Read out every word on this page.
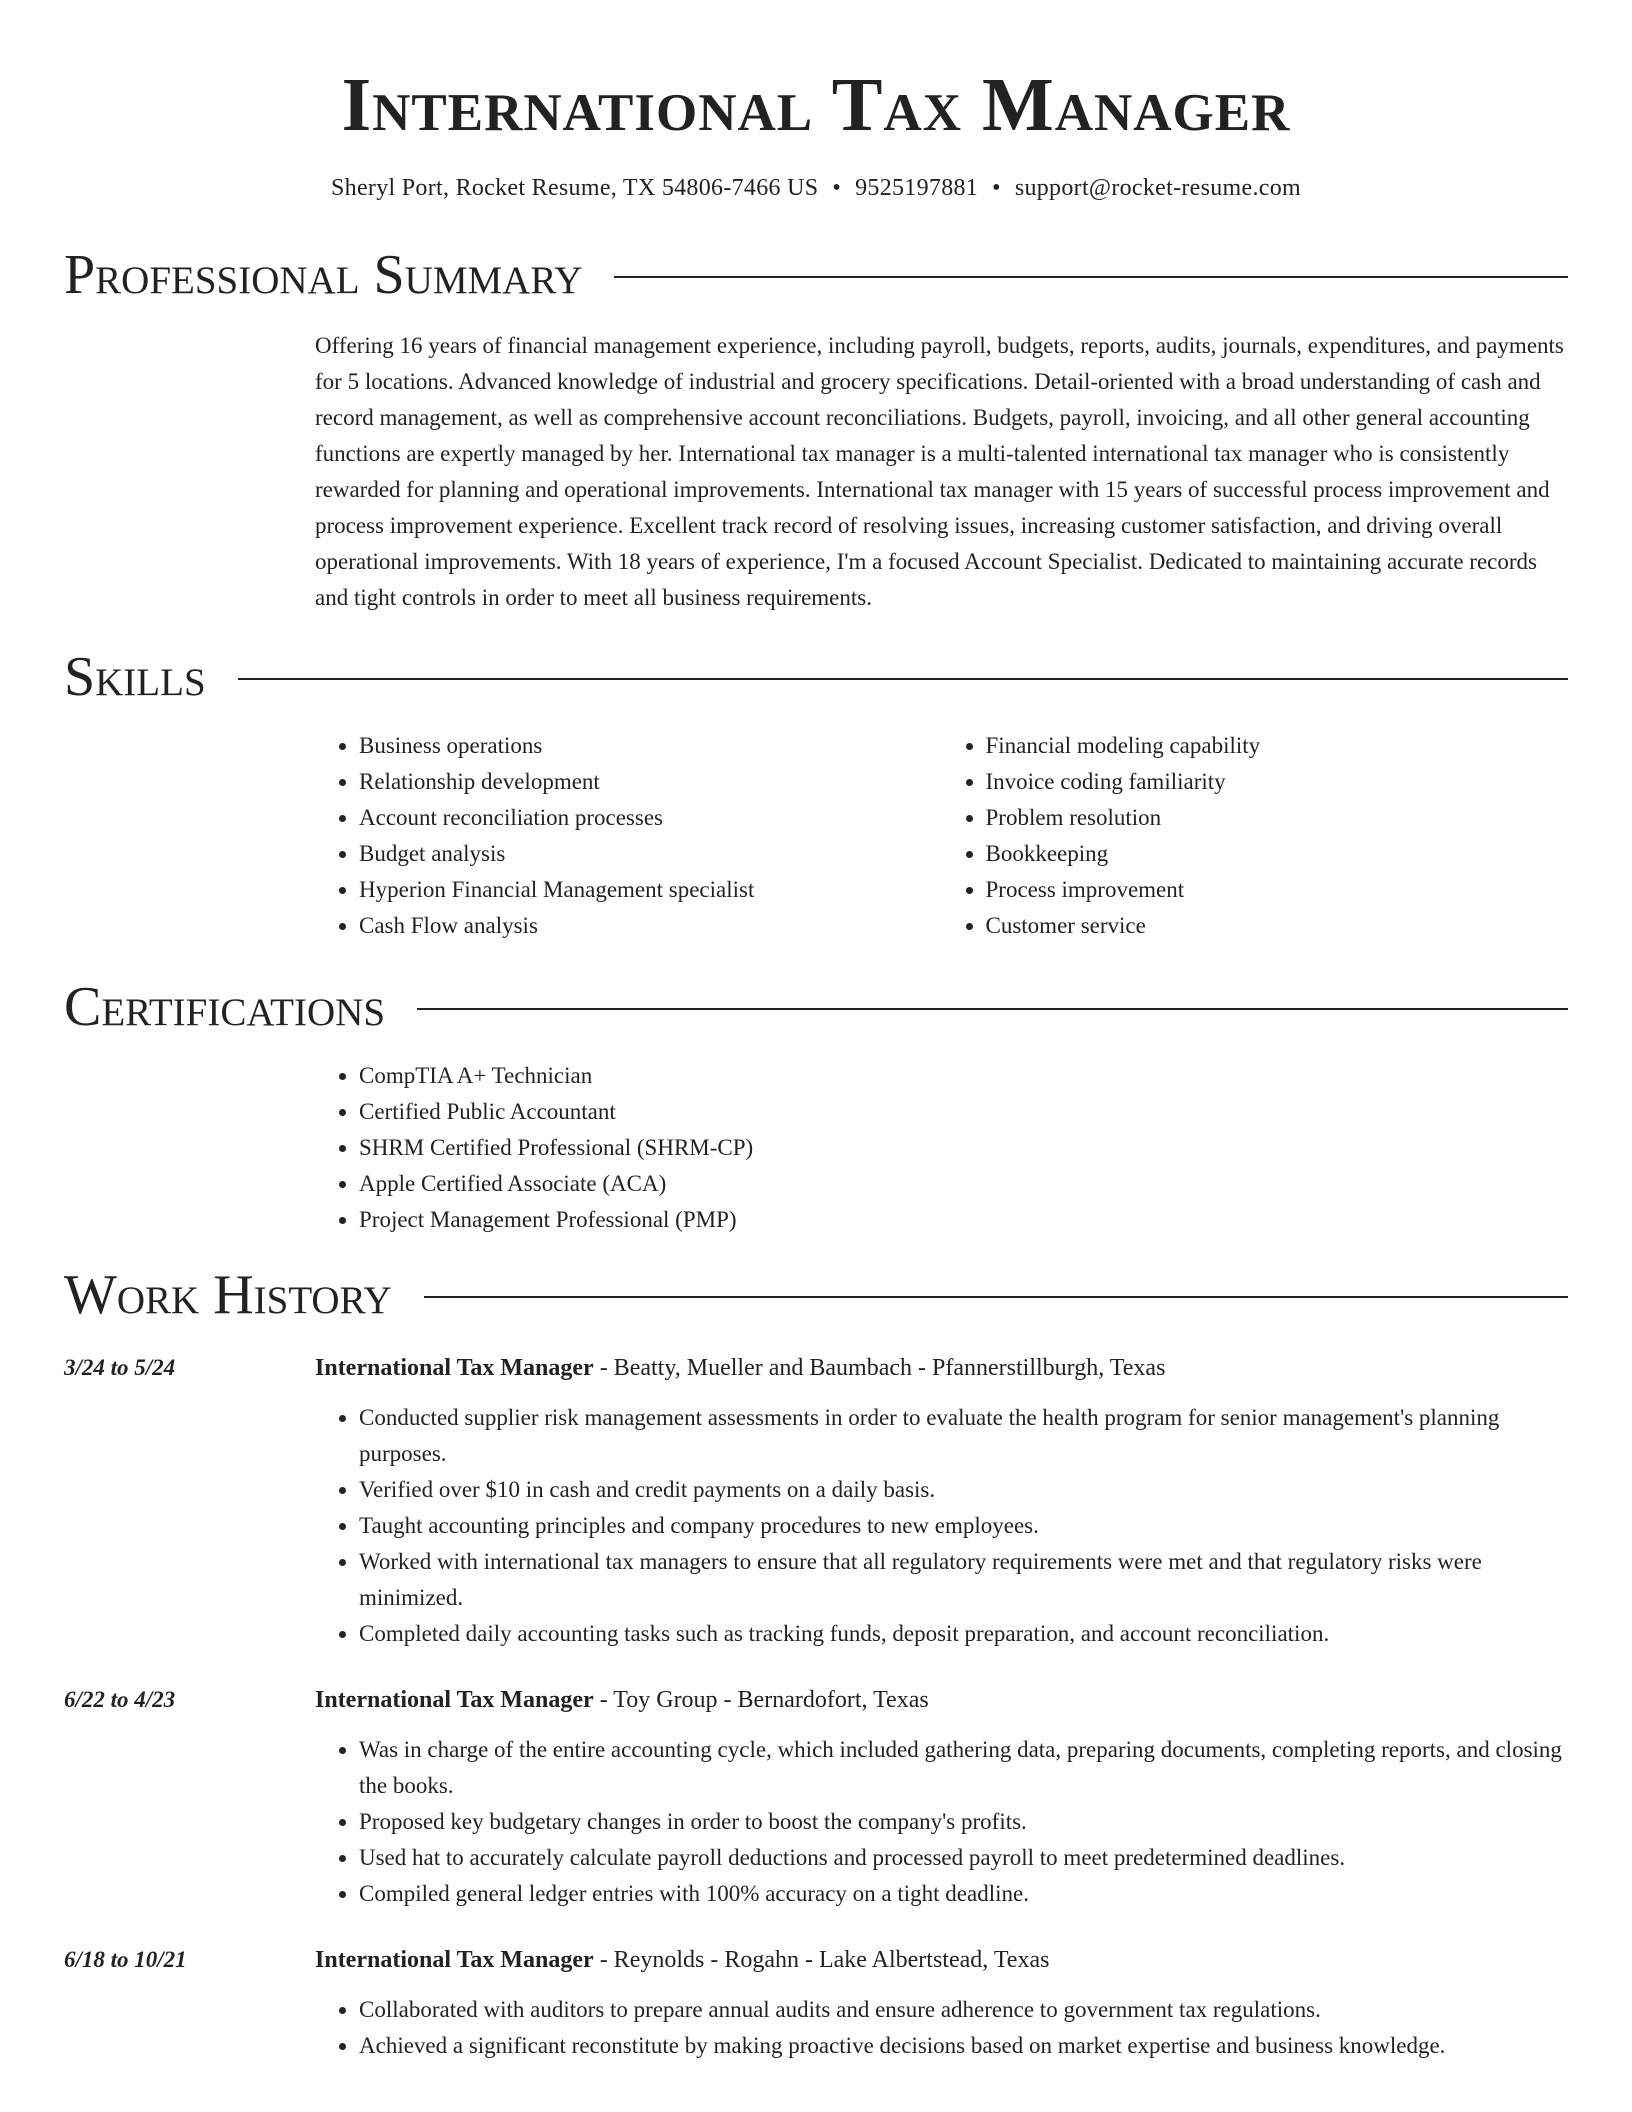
International Tax Manager
Sheryl Port, Rocket Resume, TX 54806-7466 US • 9525197881 • support@rocket-resume.com
Professional Summary
Offering 16 years of financial management experience, including payroll, budgets, reports, audits, journals, expenditures, and payments for 5 locations. Advanced knowledge of industrial and grocery specifications. Detail-oriented with a broad understanding of cash and record management, as well as comprehensive account reconciliations. Budgets, payroll, invoicing, and all other general accounting functions are expertly managed by her. International tax manager is a multi-talented international tax manager who is consistently rewarded for planning and operational improvements. International tax manager with 15 years of successful process improvement and process improvement experience. Excellent track record of resolving issues, increasing customer satisfaction, and driving overall operational improvements. With 18 years of experience, I'm a focused Account Specialist. Dedicated to maintaining accurate records and tight controls in order to meet all business requirements.
Skills
• Business operations
• Relationship development
• Account reconciliation processes
• Budget analysis
• Hyperion Financial Management specialist
• Cash Flow analysis
• Financial modeling capability
• Invoice coding familiarity
• Problem resolution
• Bookkeeping
• Process improvement
• Customer service
Certifications
• CompTIA A+ Technician
• Certified Public Accountant
• SHRM Certified Professional (SHRM-CP)
• Apple Certified Associate (ACA)
• Project Management Professional (PMP)
Work History
3/24 to 5/24	International Tax Manager - Beatty, Mueller and Baumbach - Pfannerstillburgh, Texas
• Conducted supplier risk management assessments in order to evaluate the health program for senior management's planning purposes.
• Verified over $10 in cash and credit payments on a daily basis.
• Taught accounting principles and company procedures to new employees.
• Worked with international tax managers to ensure that all regulatory requirements were met and that regulatory risks were minimized.
• Completed daily accounting tasks such as tracking funds, deposit preparation, and account reconciliation.
6/22 to 4/23	International Tax Manager - Toy Group - Bernardofort, Texas
• Was in charge of the entire accounting cycle, which included gathering data, preparing documents, completing reports, and closing the books.
• Proposed key budgetary changes in order to boost the company's profits.
• Used hat to accurately calculate payroll deductions and processed payroll to meet predetermined deadlines.
• Compiled general ledger entries with 100% accuracy on a tight deadline.
6/18 to 10/21	International Tax Manager - Reynolds - Rogahn - Lake Albertstead, Texas
• Collaborated with auditors to prepare annual audits and ensure adherence to government tax regulations.
• Achieved a significant reconstitute by making proactive decisions based on market expertise and business knowledge.
